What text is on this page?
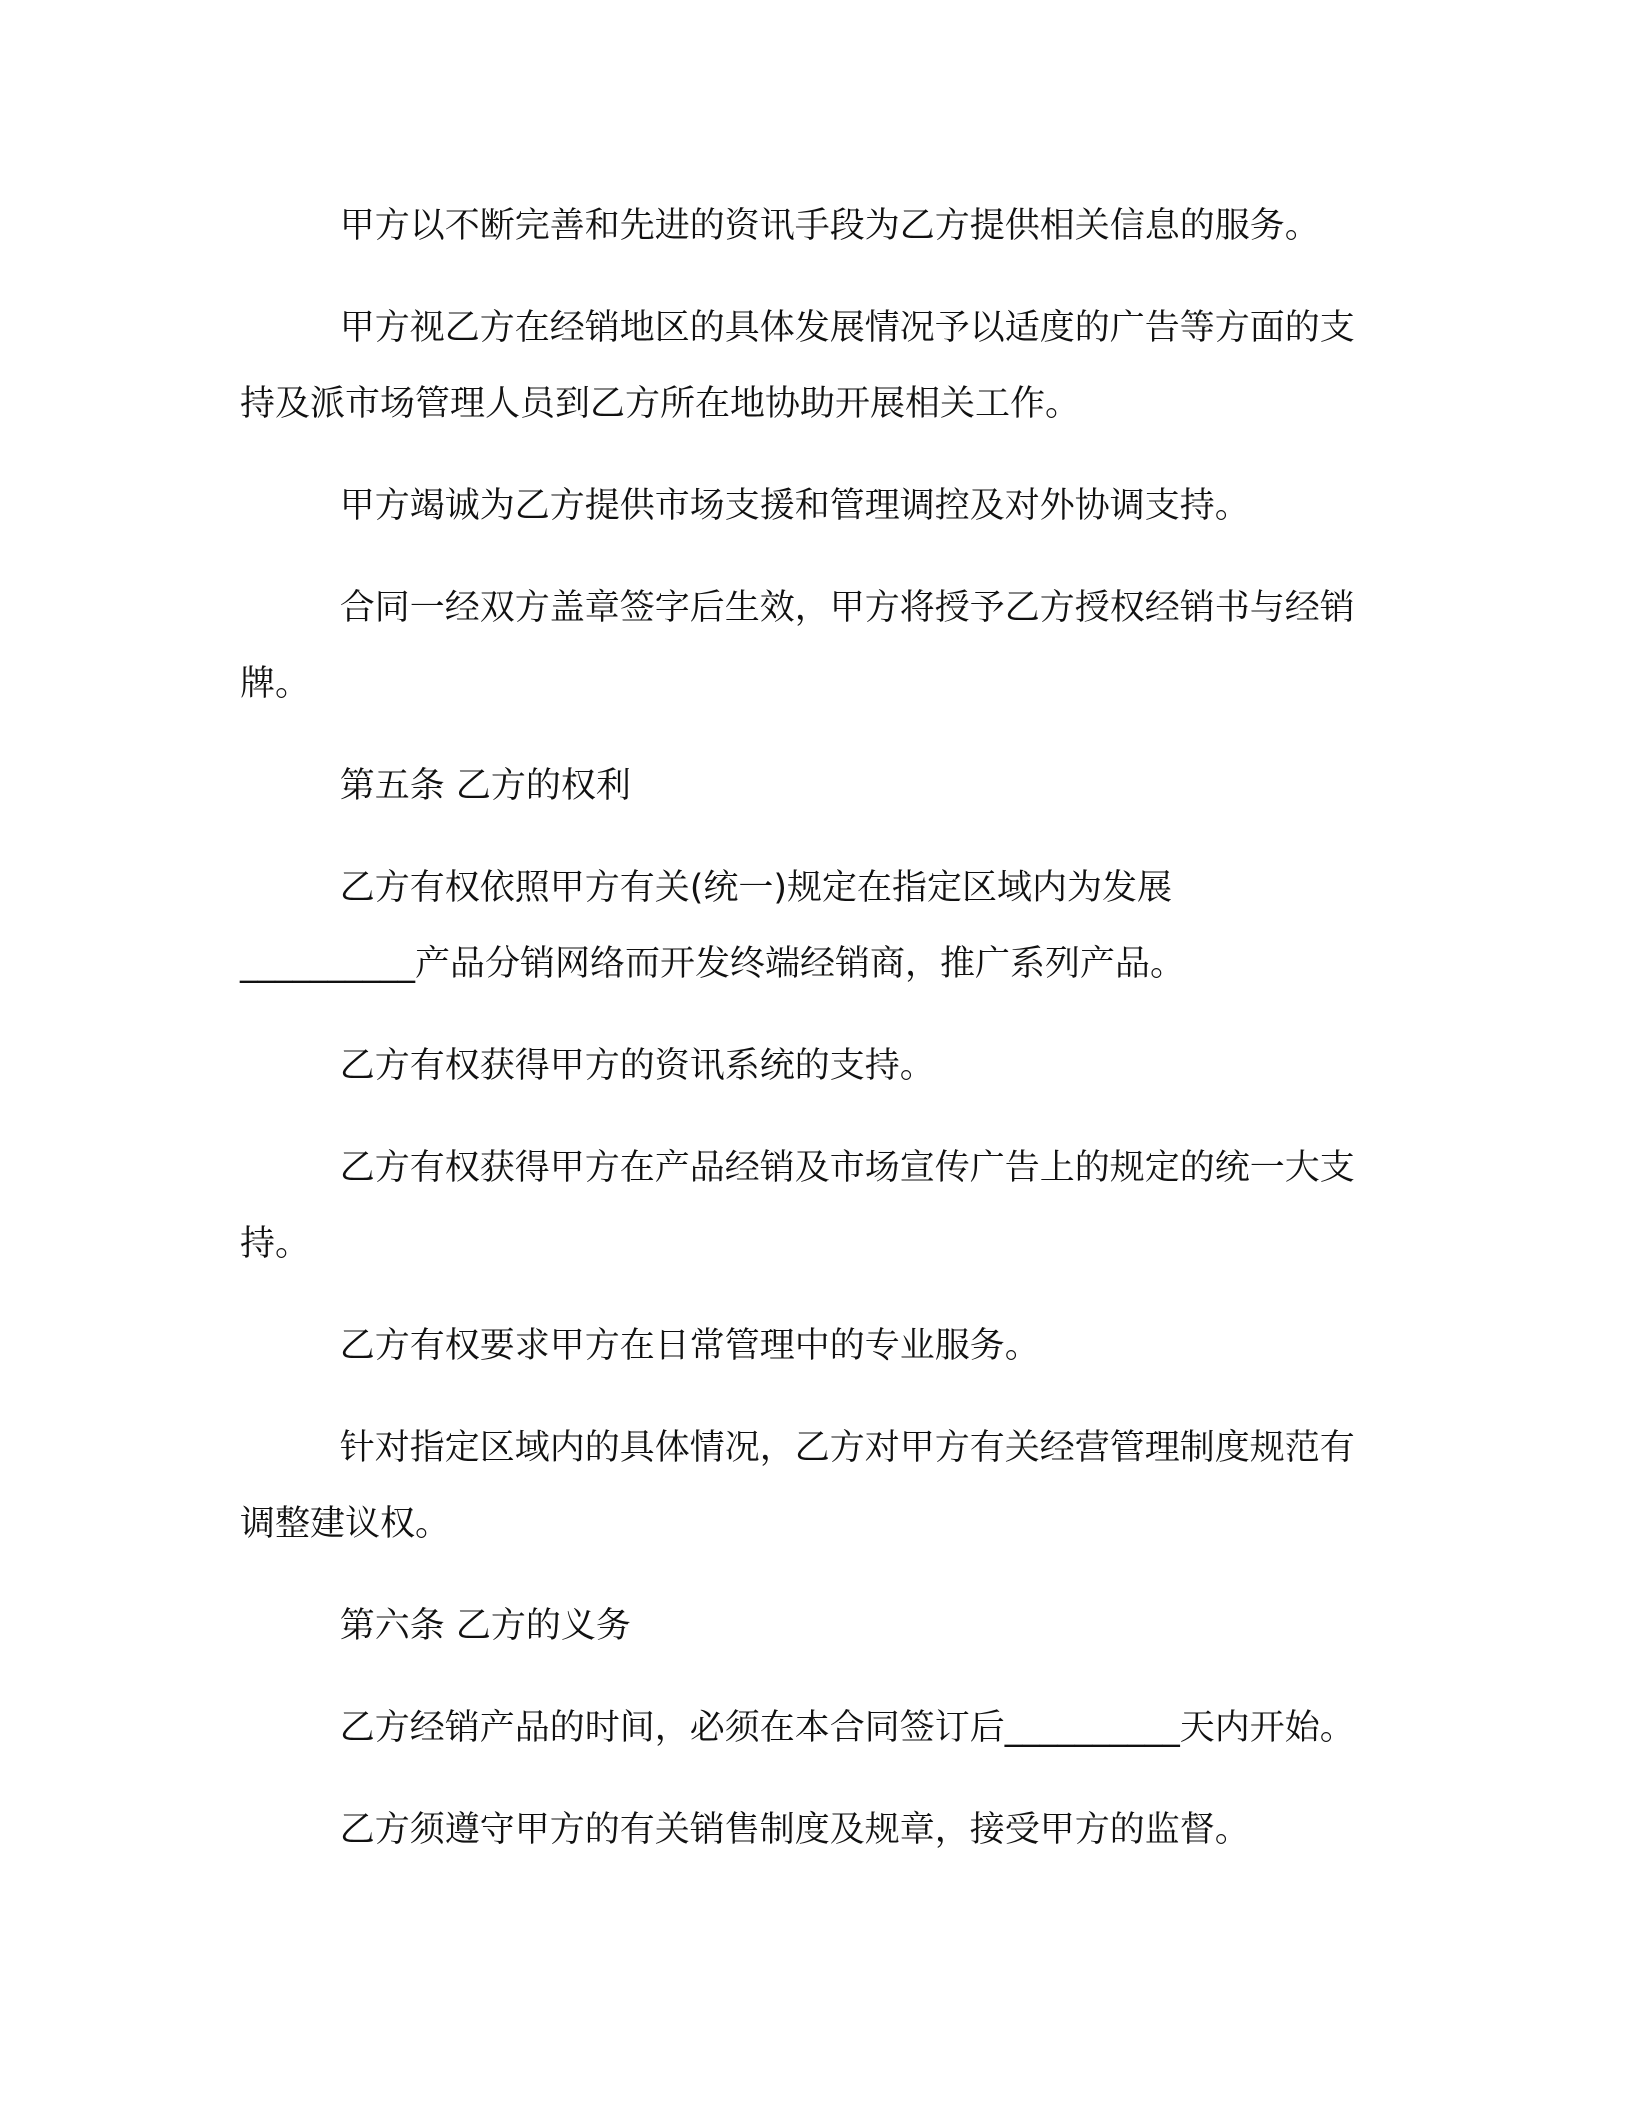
甲方以不断完善和先进的资讯手段为乙方提供相关信息的服务。

甲方视乙方在经销地区的具体发展情况予以适度的广告等方面的支持及派市场管理人员到乙方所在地协助开展相关工作。

甲方竭诚为乙方提供市场支援和管理调控及对外协调支持。

合同一经双方盖章签字后生效，甲方将授予乙方授权经销书与经销牌。

第五条 乙方的权利

乙方有权依照甲方有关(统一)规定在指定区域内为发展
__________产品分销网络而开发终端经销商，推广系列产品。

乙方有权获得甲方的资讯系统的支持。

乙方有权获得甲方在产品经销及市场宣传广告上的规定的统一大支持。

乙方有权要求甲方在日常管理中的专业服务。

针对指定区域内的具体情况，乙方对甲方有关经营管理制度规范有调整建议权。

第六条 乙方的义务

乙方经销产品的时间，必须在本合同签订后__________天内开始。

乙方须遵守甲方的有关销售制度及规章，接受甲方的监督。
